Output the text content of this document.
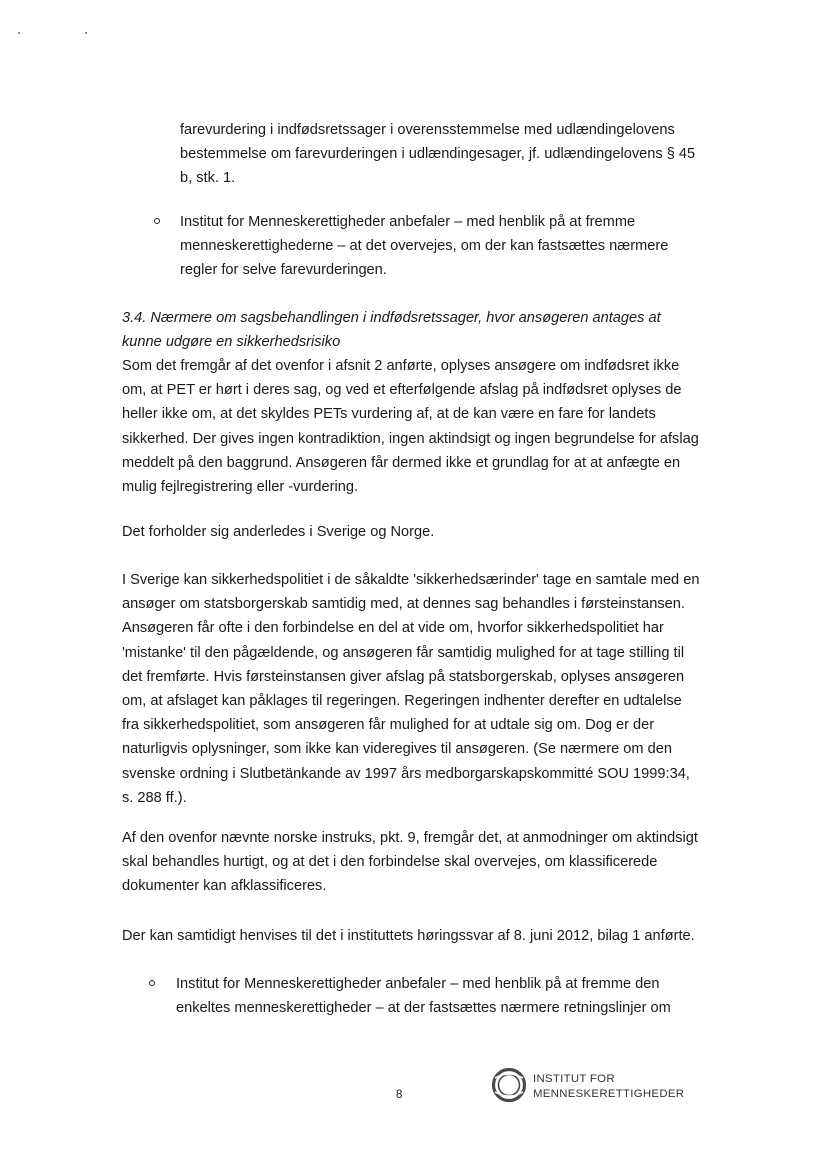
farevurdering i indfødsretssager i overensstemmelse med udlændingelovens
bestemmelse om farevurderingen i udlændingesager, jf. udlændingelovens § 45
b, stk. 1.
Institut for Menneskerettigheder anbefaler – med henblik på at fremme
menneskerettighederne – at det overvejes, om der kan fastsættes nærmere
regler for selve farevurderingen.
3.4. Nærmere om sagsbehandlingen i indfødsretssager, hvor ansøgeren antages at
kunne udgøre en sikkerhedsrisiko
Som det fremgår af det ovenfor i afsnit 2 anførte, oplyses ansøgere om indfødsret ikke
om, at PET er hørt i deres sag, og ved et efterfølgende afslag på indfødsret oplyses de
heller ikke om, at det skyldes PETs vurdering af, at de kan være en fare for landets
sikkerhed. Der gives ingen kontradiktion, ingen aktindsigt og ingen begrundelse for afslag
meddelt på den baggrund. Ansøgeren får dermed ikke et grundlag for at at anfægte en
mulig fejlregistrering eller -vurdering.
Det forholder sig anderledes i Sverige og Norge.
I Sverige kan sikkerhedspolitiet i de såkaldte 'sikkerhedsærinder' tage en samtale med en
ansøger om statsborgerskab samtidig med, at dennes sag behandles i førsteinstansen.
Ansøgeren får ofte i den forbindelse en del at vide om, hvorfor sikkerhedspolitiet har
'mistanke' til den pågældende, og ansøgeren får samtidig mulighed for at tage stilling til
det fremførte. Hvis førsteinstansen giver afslag på statsborgerskab, oplyses ansøgeren
om, at afslaget kan påklages til regeringen. Regeringen indhenter derefter en udtalelse
fra sikkerhedspolitiet, som ansøgeren får mulighed for at udtale sig om. Dog er der
naturligvis oplysninger, som ikke kan videregives til ansøgeren. (Se nærmere om den
svenske ordning i Slutbetänkande av 1997 års medborgarskapskommitté SOU 1999:34,
s. 288 ff.).
Af den ovenfor nævnte norske instruks, pkt. 9, fremgår det, at anmodninger om aktindsigt
skal behandles hurtigt, og at det i den forbindelse skal overvejes, om klassificerede
dokumenter kan afklassificeres.
Der kan samtidigt henvises til det i instituttets høringssvar af 8. juni 2012, bilag 1 anførte.
Institut for Menneskerettigheder anbefaler – med henblik på at fremme den
enkeltes menneskerettigheder – at der fastsættes nærmere retningslinjer om
8
INSTITUT FOR
MENNESKERETTIGHEDER
